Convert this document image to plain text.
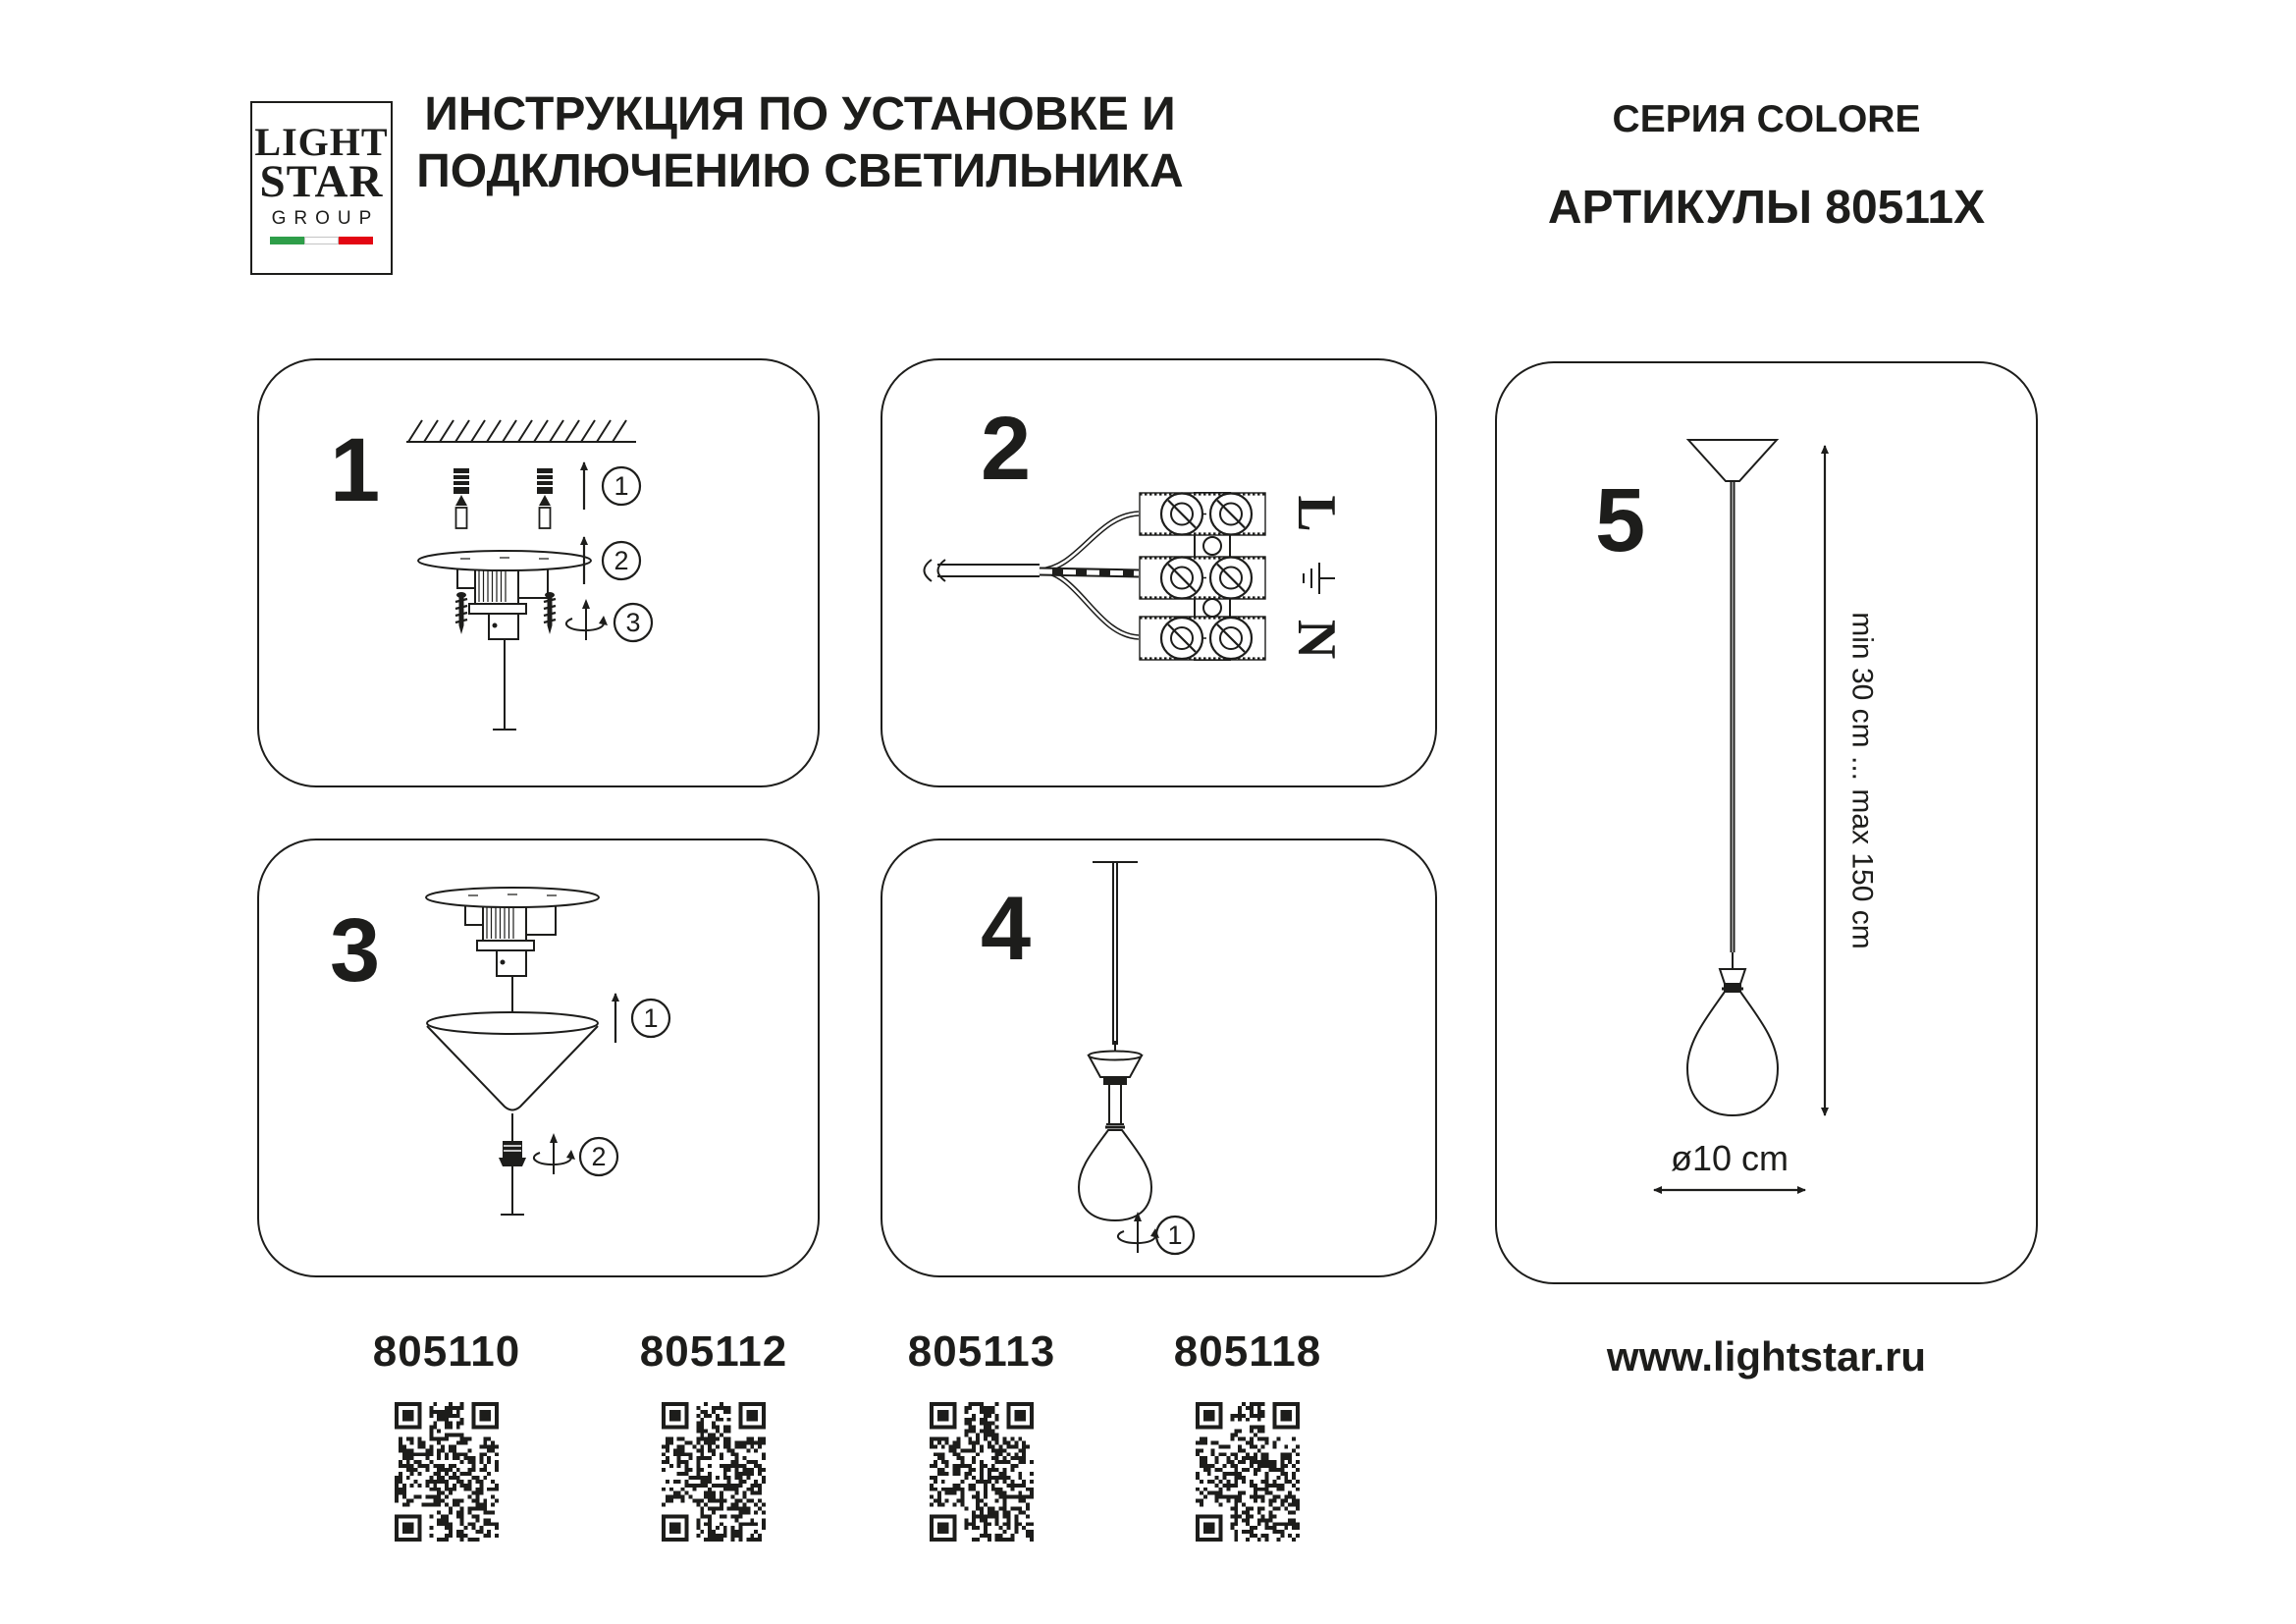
LIGHT
STAR
GROUP
ИНСТРУКЦИЯ ПО УСТАНОВКЕ И
ПОДКЛЮЧЕНИЮ СВЕТИЛЬНИКА
СЕРИЯ COLORE
АРТИКУЛЫ 80511X
1
2
3
1	L
N
2
1
2
3
1
4	min 30 cm ... max 150 cm
ø10 cm
5
805110	805112	805113	805118	www.lightstar.ru
